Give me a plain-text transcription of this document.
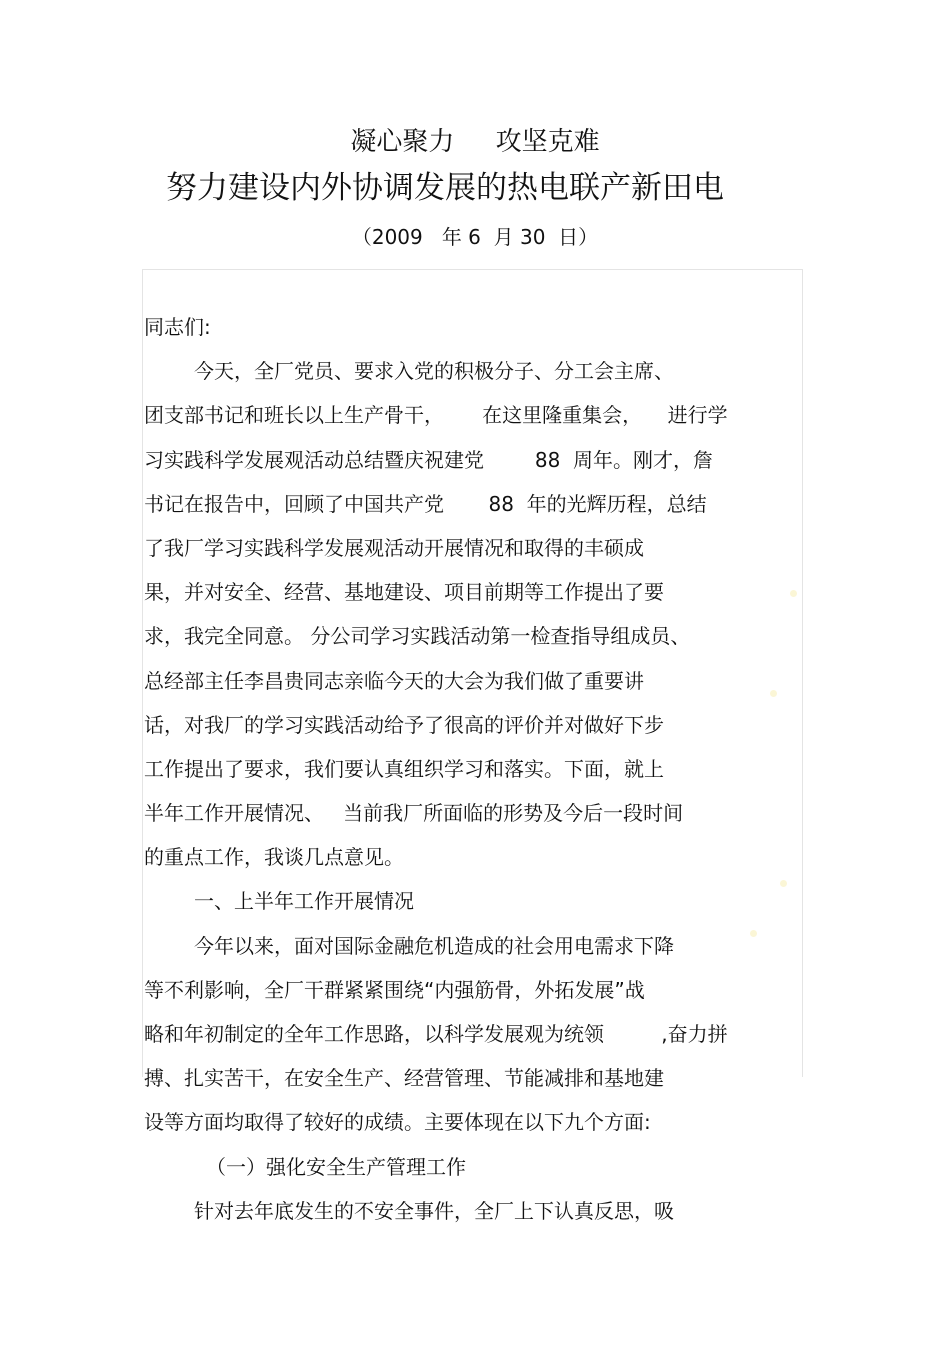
凝心聚力     攻坚克难
努力建设内外协调发展的热电联产新田电
（2009   年 6  月 30  日）
同志们:
今天，全厂党员、要求入党的积极分子、分工会主席、
团支部书记和班长以上生产骨干，      在这里隆重集会，    进行学
习实践科学发展观活动总结暨庆祝建党        88  周年。刚才，詹
书记在报告中，回顾了中国共产党       88  年的光辉历程，总结
了我厂学习实践科学发展观活动开展情况和取得的丰硕成
果，并对安全、经营、基地建设、项目前期等工作提出了要
求，我完全同意。 分公司学习实践活动第一检查指导组成员、
总经部主任李昌贵同志亲临今天的大会为我们做了重要讲
话，对我厂的学习实践活动给予了很高的评价并对做好下步
工作提出了要求，我们要认真组织学习和落实。下面，就上
半年工作开展情况、   当前我厂所面临的形势及今后一段时间
的重点工作，我谈几点意见。
一、上半年工作开展情况
今年以来，面对国际金融危机造成的社会用电需求下降
等不利影响，全厂干群紧紧围绕“内强筋骨，外拓发展”战
略和年初制定的全年工作思路，以科学发展观为统领         ,奋力拼
搏、扎实苦干，在安全生产、经营管理、节能减排和基地建
设等方面均取得了较好的成绩。主要体现在以下九个方面:
（一）强化安全生产管理工作
针对去年底发生的不安全事件，全厂上下认真反思，吸
